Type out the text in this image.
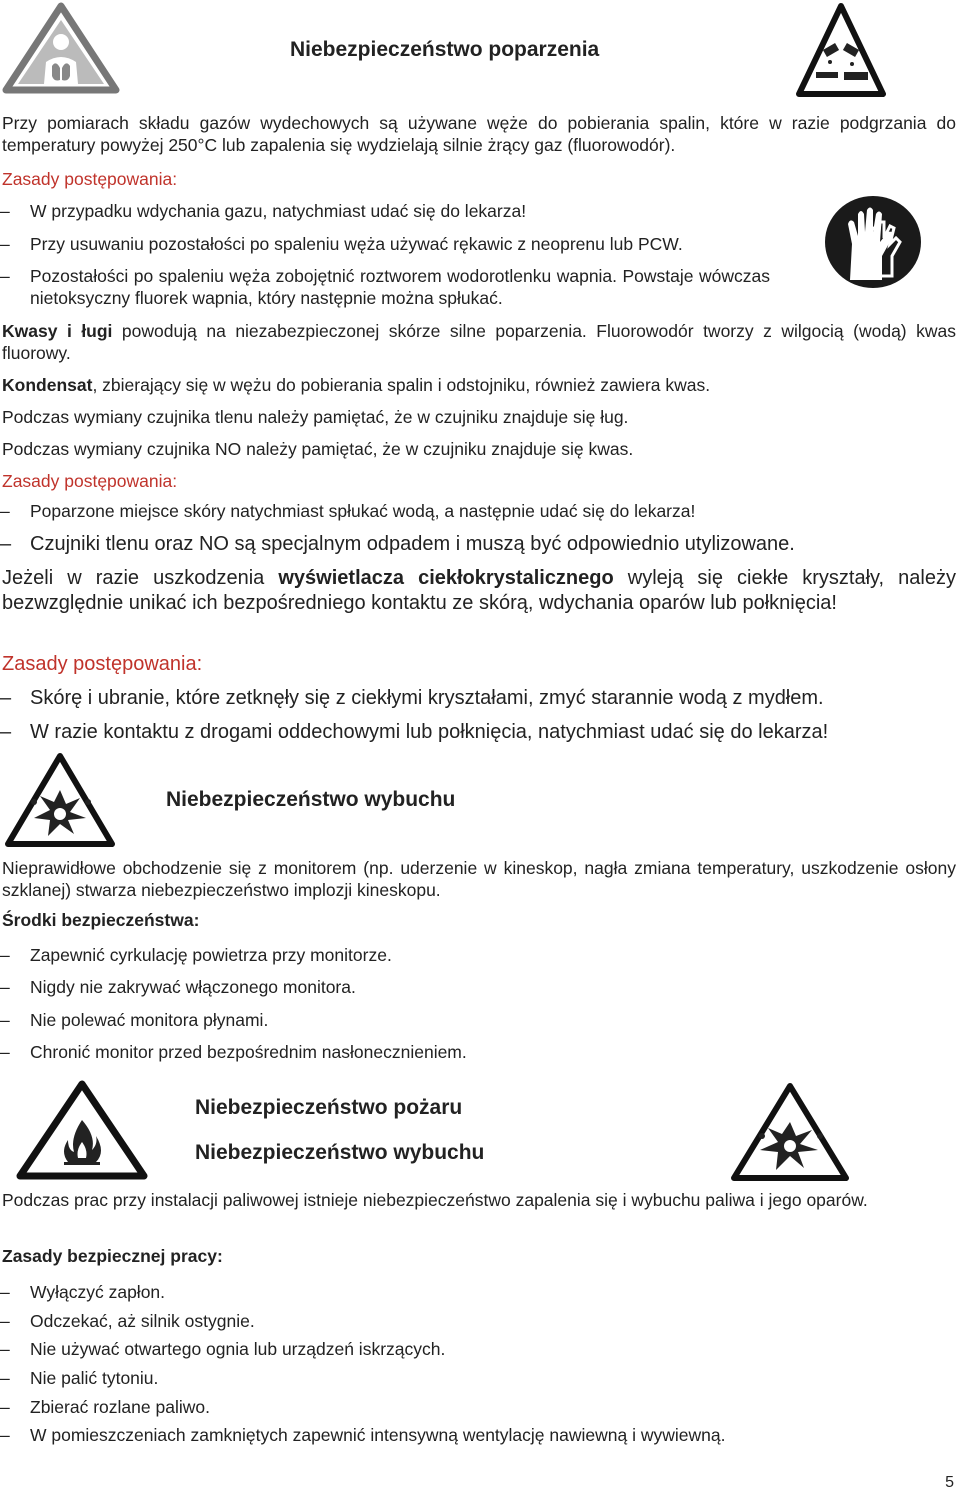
Niebezpieczeństwo poparzenia
Przy pomiarach składu gazów wydechowych są używane węże do pobierania spalin, które w razie podgrzania do temperatury powyżej 250°C lub zapalenia się wydzielają silnie żrący gaz (fluorowodór).
Zasady postępowania:
–	W przypadku wdychania gazu, natychmiast udać się do lekarza!
–	Przy usuwaniu pozostałości po spaleniu węża używać rękawic z neoprenu lub PCW.
–	Pozostałości po spaleniu węża zobojętnić roztworem wodorotlenku wapnia. Powstaje wówczas nietoksyczny fluorek wapnia, który następnie można spłukać.
Kwasy i ługi powodują na niezabezpieczonej skórze silne poparzenia. Fluorowodór tworzy z wilgocią (wodą) kwas fluorowy.
Kondensat, zbierający się w wężu do pobierania spalin i odstojniku, również zawiera kwas.
Podczas wymiany czujnika tlenu należy pamiętać, że w czujniku znajduje się ług.
Podczas wymiany czujnika NO należy pamiętać, że w czujniku znajduje się kwas.
Zasady postępowania:
–	Poparzone miejsce skóry natychmiast spłukać wodą, a następnie udać się do lekarza!
– Czujniki tlenu oraz NO są specjalnym odpadem i muszą być odpowiednio utylizowane.
Jeżeli w razie uszkodzenia wyświetlacza ciekłokrystalicznego wyleją się ciekłe kryształy, należy bezwzględnie unikać ich bezpośredniego kontaktu ze skórą, wdychania oparów lub połknięcia!
Zasady postępowania:
– Skórę i ubranie, które zetknęły się z ciekłymi kryształami, zmyć starannie wodą z mydłem.
– W razie kontaktu z drogami oddechowymi lub połknięcia, natychmiast udać się do lekarza!
Niebezpieczeństwo wybuchu
Nieprawidłowe obchodzenie się z monitorem (np. uderzenie w kineskop, nagła zmiana temperatury, uszkodzenie osłony szklanej) stwarza niebezpieczeństwo implozji kineskopu.
Środki bezpieczeństwa:
–	Zapewnić cyrkulację powietrza przy monitorze.
–	Nigdy nie zakrywać włączonego monitora.
–	Nie polewać monitora płynami.
–	Chronić monitor przed bezpośrednim nasłonecznieniem.
Niebezpieczeństwo pożaru
Niebezpieczeństwo wybuchu
Podczas prac przy instalacji paliwowej istnieje niebezpieczeństwo zapalenia się i wybuchu paliwa i jego oparów.
Zasady bezpiecznej pracy:
–	Wyłączyć zapłon.
–	Odczekać, aż silnik ostygnie.
–	Nie używać otwartego ognia lub urządzeń iskrzących.
–	Nie palić tytoniu.
–	Zbierać rozlane paliwo.
–	W pomieszczeniach zamkniętych zapewnić intensywną wentylację nawiewną i wywiewną.
5
